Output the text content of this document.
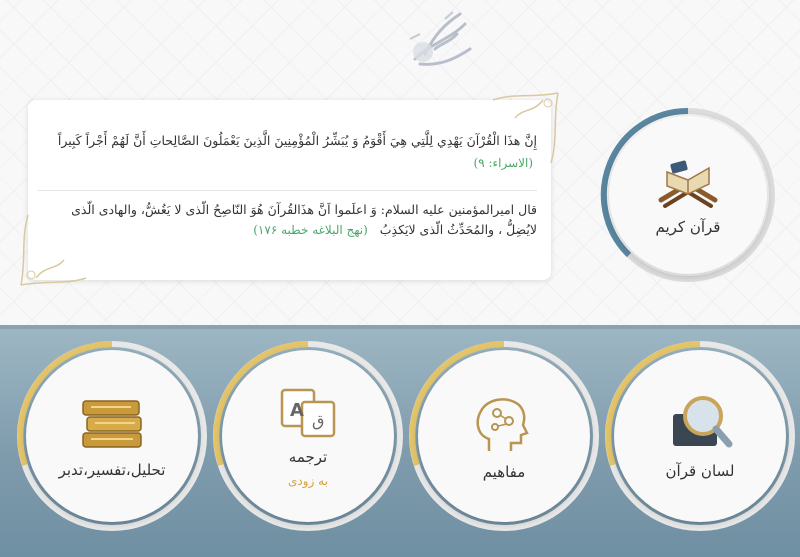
إِنَّ هذَا الْقُرْآنَ یَهْدِي لِلَّتِي هِيَ أَقْوَمُ وَ یُبَشِّرُ الْمُؤْمِنِينَ الَّذِينَ يَعْمَلُونَ الصَّالِحاتِ أَنَّ لَهُمْ أَجْراً كَبِيراً  (الاسراء: ۹)
قال امیرالمؤمنین علیه السلام: وَ اعلَموا اَنَّ هذَالقُرآنَ هُوَ النّاصِحُ الّذی لا یَغُشُّ، والهادی الّذی لایُضِلُّ ، والمُحَدِّثُ الّذی لایَکذِبُ   (نهج البلاغه خطبه ۱۷۶)	قرآن کریم
لسان قرآن
مفاهیم
A ق
ترجمه
به زودی
تحلیل،تفسیر،تدبر
